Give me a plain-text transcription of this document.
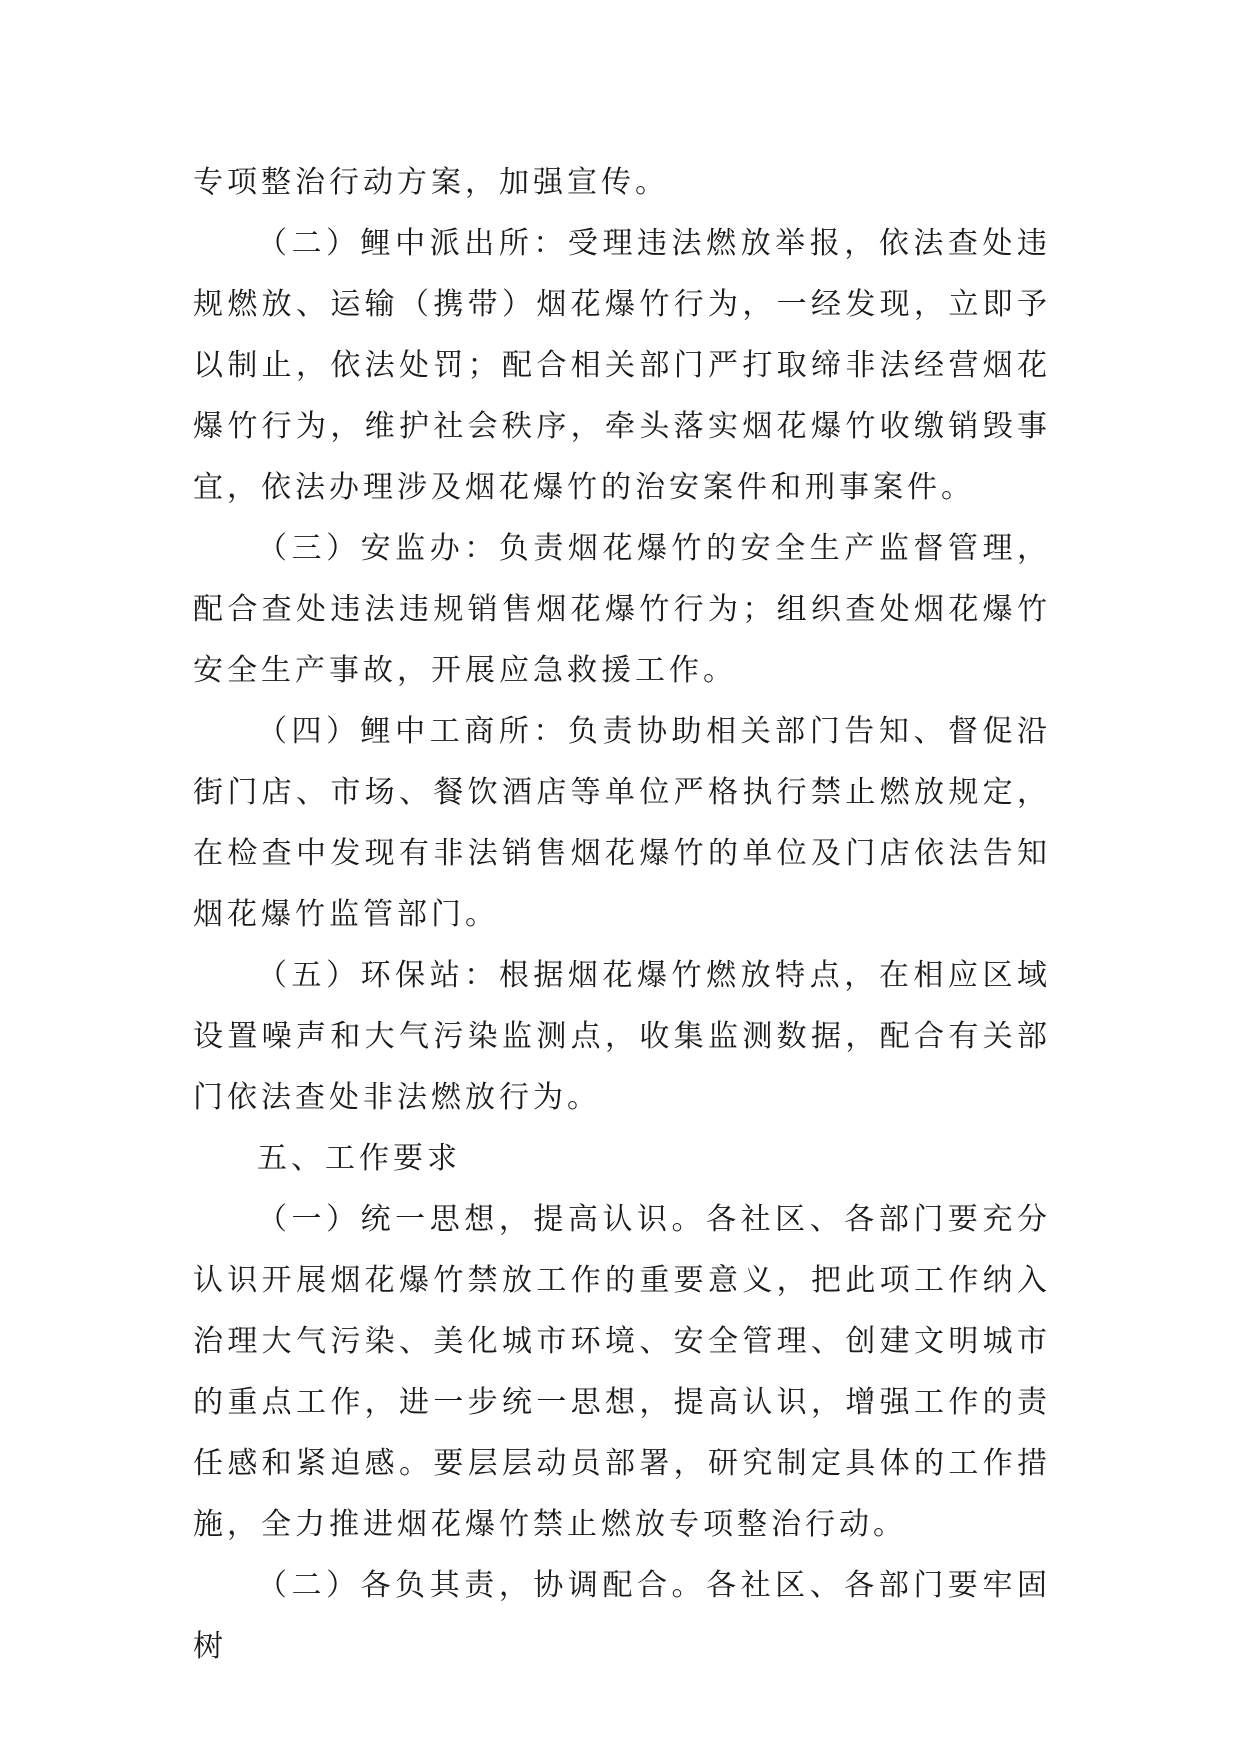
专项整治行动方案，加强宣传。

（二）鲤中派出所：受理违法燃放举报，依法查处违规燃放、运输（携带）烟花爆竹行为，一经发现，立即予以制止，依法处罚；配合相关部门严打取缔非法经营烟花爆竹行为，维护社会秩序，牵头落实烟花爆竹收缴销毁事宜，依法办理涉及烟花爆竹的治安案件和刑事案件。

（三）安监办：负责烟花爆竹的安全生产监督管理，配合查处违法违规销售烟花爆竹行为；组织查处烟花爆竹安全生产事故，开展应急救援工作。

（四）鲤中工商所：负责协助相关部门告知、督促沿街门店、市场、餐饮酒店等单位严格执行禁止燃放规定，在检查中发现有非法销售烟花爆竹的单位及门店依法告知烟花爆竹监管部门。

（五）环保站：根据烟花爆竹燃放特点，在相应区域设置噪声和大气污染监测点，收集监测数据，配合有关部门依法查处非法燃放行为。

五、工作要求

（一）统一思想，提高认识。各社区、各部门要充分认识开展烟花爆竹禁放工作的重要意义，把此项工作纳入治理大气污染、美化城市环境、安全管理、创建文明城市的重点工作，进一步统一思想，提高认识，增强工作的责任感和紧迫感。要层层动员部署，研究制定具体的工作措施，全力推进烟花爆竹禁止燃放专项整治行动。

（二）各负其责，协调配合。各社区、各部门要牢固树
